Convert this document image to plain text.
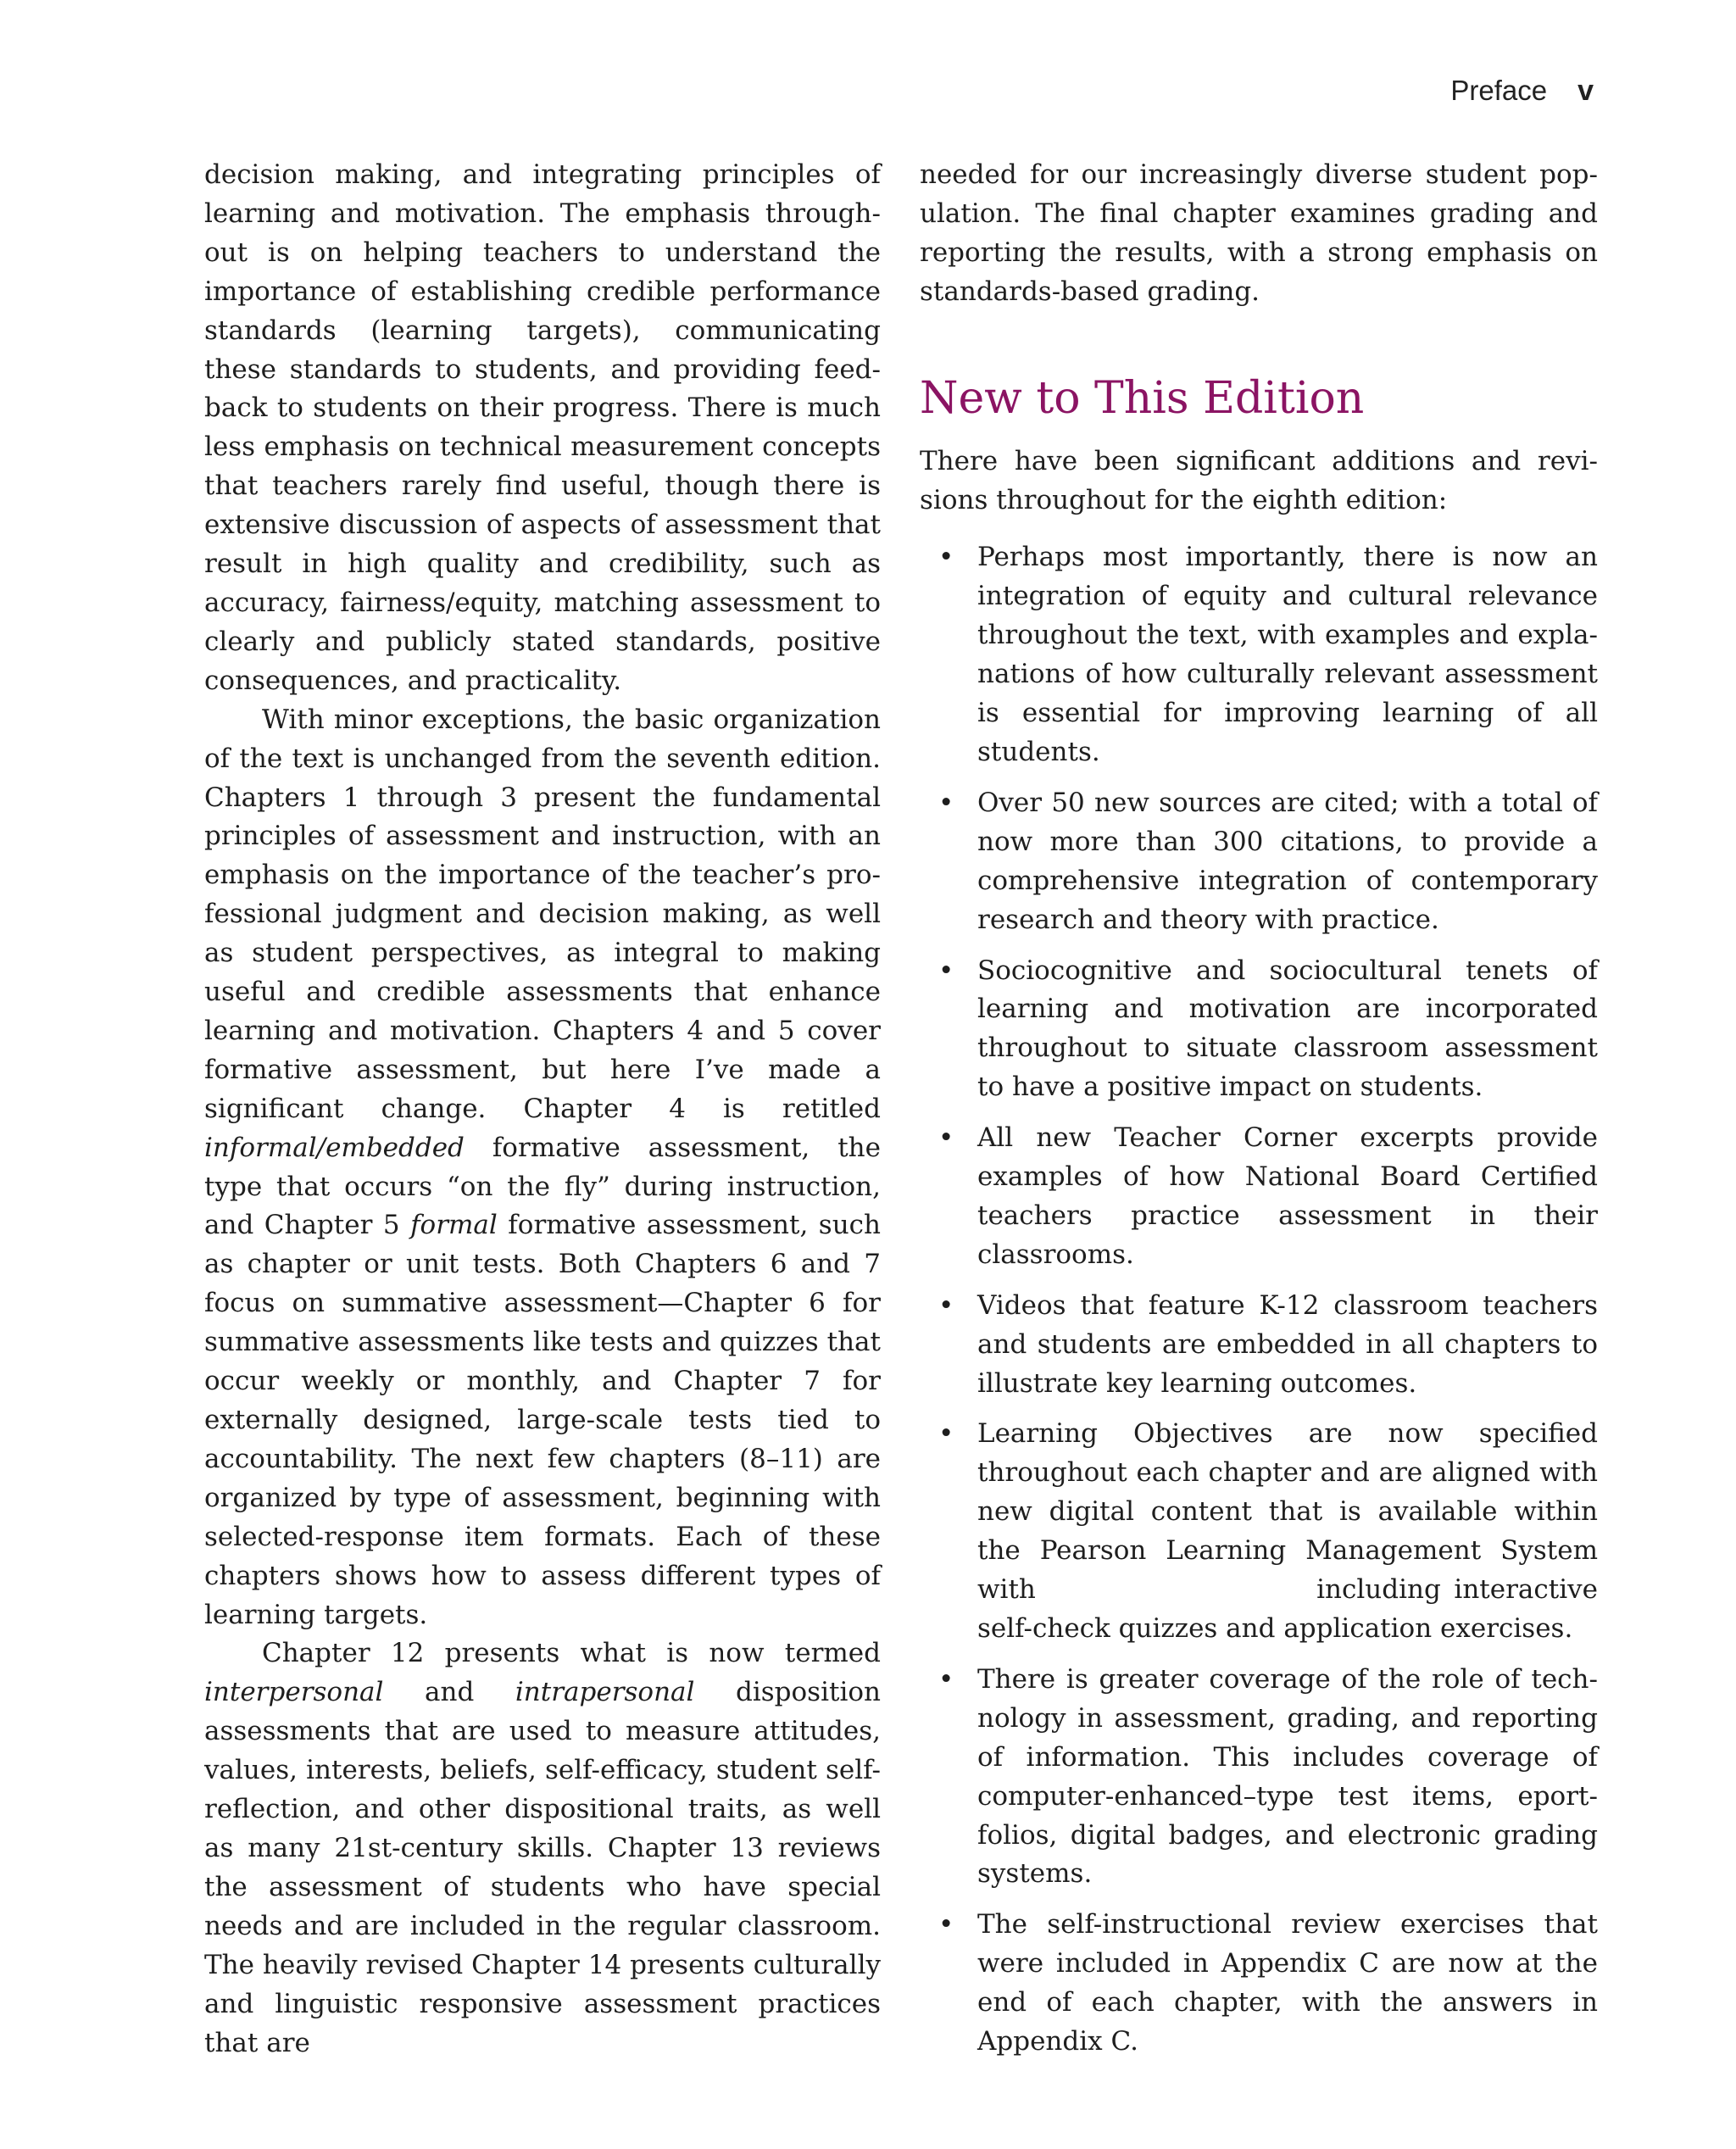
Preface v

decision making, and integrating principles of learning and motivation. The emphasis throughout is on helping teachers to understand the importance of establishing credible performance standards (learning targets), communicating these standards to students, and providing feedback to students on their progress. There is much less emphasis on technical measurement concepts that teachers rarely find useful, though there is extensive discussion of aspects of assessment that result in high quality and credibility, such as accuracy, fairness/equity, matching assessment to clearly and publicly stated standards, positive consequences, and practicality.

With minor exceptions, the basic organization of the text is unchanged from the seventh edition. Chapters 1 through 3 present the fundamental principles of assessment and instruction, with an emphasis on the importance of the teacher’s professional judgment and decision making, as well as student perspectives, as integral to making useful and credible assessments that enhance learning and motivation. Chapters 4 and 5 cover formative assessment, but here I’ve made a significant change. Chapter 4 is retitled informal/embedded formative assessment, the type that occurs “on the fly” during instruction, and Chapter 5 formal formative assessment, such as chapter or unit tests. Both Chapters 6 and 7 focus on summative assessment—Chapter 6 for summative assessments like tests and quizzes that occur weekly or monthly, and Chapter 7 for externally designed, large-scale tests tied to accountability. The next few chapters (8–11) are organized by type of assessment, beginning with selected-response item formats. Each of these chapters shows how to assess different types of learning targets.

Chapter 12 presents what is now termed interpersonal and intrapersonal disposition assessments that are used to measure attitudes, values, interests, beliefs, self-efficacy, student self-reflection, and other dispositional traits, as well as many 21st-century skills. Chapter 13 reviews the assessment of students who have special needs and are included in the regular classroom. The heavily revised Chapter 14 presents culturally and linguistic responsive assessment practices that are

needed for our increasingly diverse student population. The final chapter examines grading and reporting the results, with a strong emphasis on standards-based grading.

New to This Edition

There have been significant additions and revisions throughout for the eighth edition:

• Perhaps most importantly, there is now an integration of equity and cultural relevance throughout the text, with examples and explanations of how culturally relevant assessment is essential for improving learning of all students.
• Over 50 new sources are cited; with a total of now more than 300 citations, to provide a comprehensive integration of contemporary research and theory with practice.
• Sociocognitive and sociocultural tenets of learning and motivation are incorporated throughout to situate classroom assessment to have a positive impact on students.
• All new Teacher Corner excerpts provide examples of how National Board Certified teachers practice assessment in their classrooms.
• Videos that feature K-12 classroom teachers and students are embedded in all chapters to illustrate key learning outcomes.
• Learning Objectives are now specified throughout each chapter and are aligned with new digital content that is available within the Pearson Learning Management System with	including interactive self-check quizzes and application exercises.
• There is greater coverage of the role of technology in assessment, grading, and reporting of information. This includes coverage of computer-enhanced–type test items, eportfolios, digital badges, and electronic grading systems.
• The self-instructional review exercises that were included in Appendix C are now at the end of each chapter, with the answers in Appendix C.
